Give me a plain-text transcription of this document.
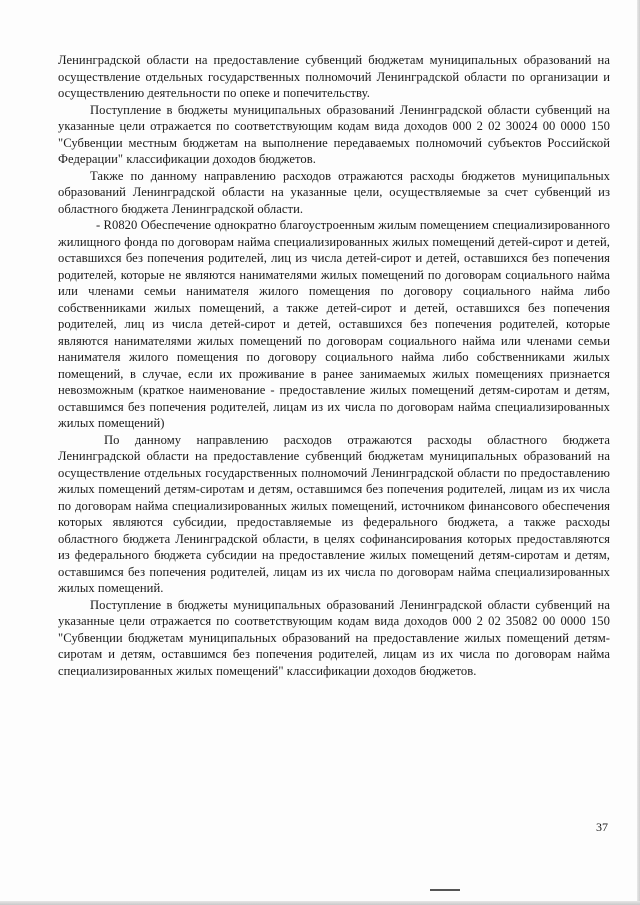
Ленинградской области на предоставление субвенций бюджетам муниципальных образований на осуществление отдельных государственных полномочий Ленинградской области по организации и осуществлению деятельности по опеке и попечительству.

Поступление в бюджеты муниципальных образований Ленинградской области субвенций на указанные цели отражается по соответствующим кодам вида доходов 000 2 02 30024 00 0000 150 "Субвенции местным бюджетам на выполнение передаваемых полномочий субъектов Российской Федерации" классификации доходов бюджетов.

Также по данному направлению расходов отражаются расходы бюджетов муниципальных образований Ленинградской области на указанные цели, осуществляемые за счет субвенций из областного бюджета Ленинградской области.

- R0820 Обеспечение однократно благоустроенным жилым помещением специализированного жилищного фонда по договорам найма специализированных жилых помещений детей-сирот и детей, оставшихся без попечения родителей, лиц из числа детей-сирот и детей, оставшихся без попечения родителей, которые не являются нанимателями жилых помещений по договорам социального найма или членами семьи нанимателя жилого помещения по договору социального найма либо собственниками жилых помещений, а также детей-сирот и детей, оставшихся без попечения родителей, лиц из числа детей-сирот и детей, оставшихся без попечения родителей, которые являются нанимателями жилых помещений по договорам социального найма или членами семьи нанимателя жилого помещения по договору социального найма либо собственниками жилых помещений, в случае, если их проживание в ранее занимаемых жилых помещениях признается невозможным (краткое наименование - предоставление жилых помещений детям-сиротам и детям, оставшимся без попечения родителей, лицам из их числа по договорам найма специализированных жилых помещений)

По данному направлению расходов отражаются расходы областного бюджета Ленинградской области на предоставление субвенций бюджетам муниципальных образований на осуществление отдельных государственных полномочий Ленинградской области по предоставлению жилых помещений детям-сиротам и детям, оставшимся без попечения родителей, лицам из их числа по договорам найма специализированных жилых помещений, источником финансового обеспечения которых являются субсидии, предоставляемые из федерального бюджета, а также расходы областного бюджета Ленинградской области, в целях софинансирования которых предоставляются из федерального бюджета субсидии на предоставление жилых помещений детям-сиротам и детям, оставшимся без попечения родителей, лицам из их числа по договорам найма специализированных жилых помещений.

Поступление в бюджеты муниципальных образований Ленинградской области субвенций на указанные цели отражается по соответствующим кодам вида доходов 000 2 02 35082 00 0000 150 "Субвенции бюджетам муниципальных образований на предоставление жилых помещений детям-сиротам и детям, оставшимся без попечения родителей, лицам из их числа по договорам найма специализированных жилых помещений" классификации доходов бюджетов.

37
